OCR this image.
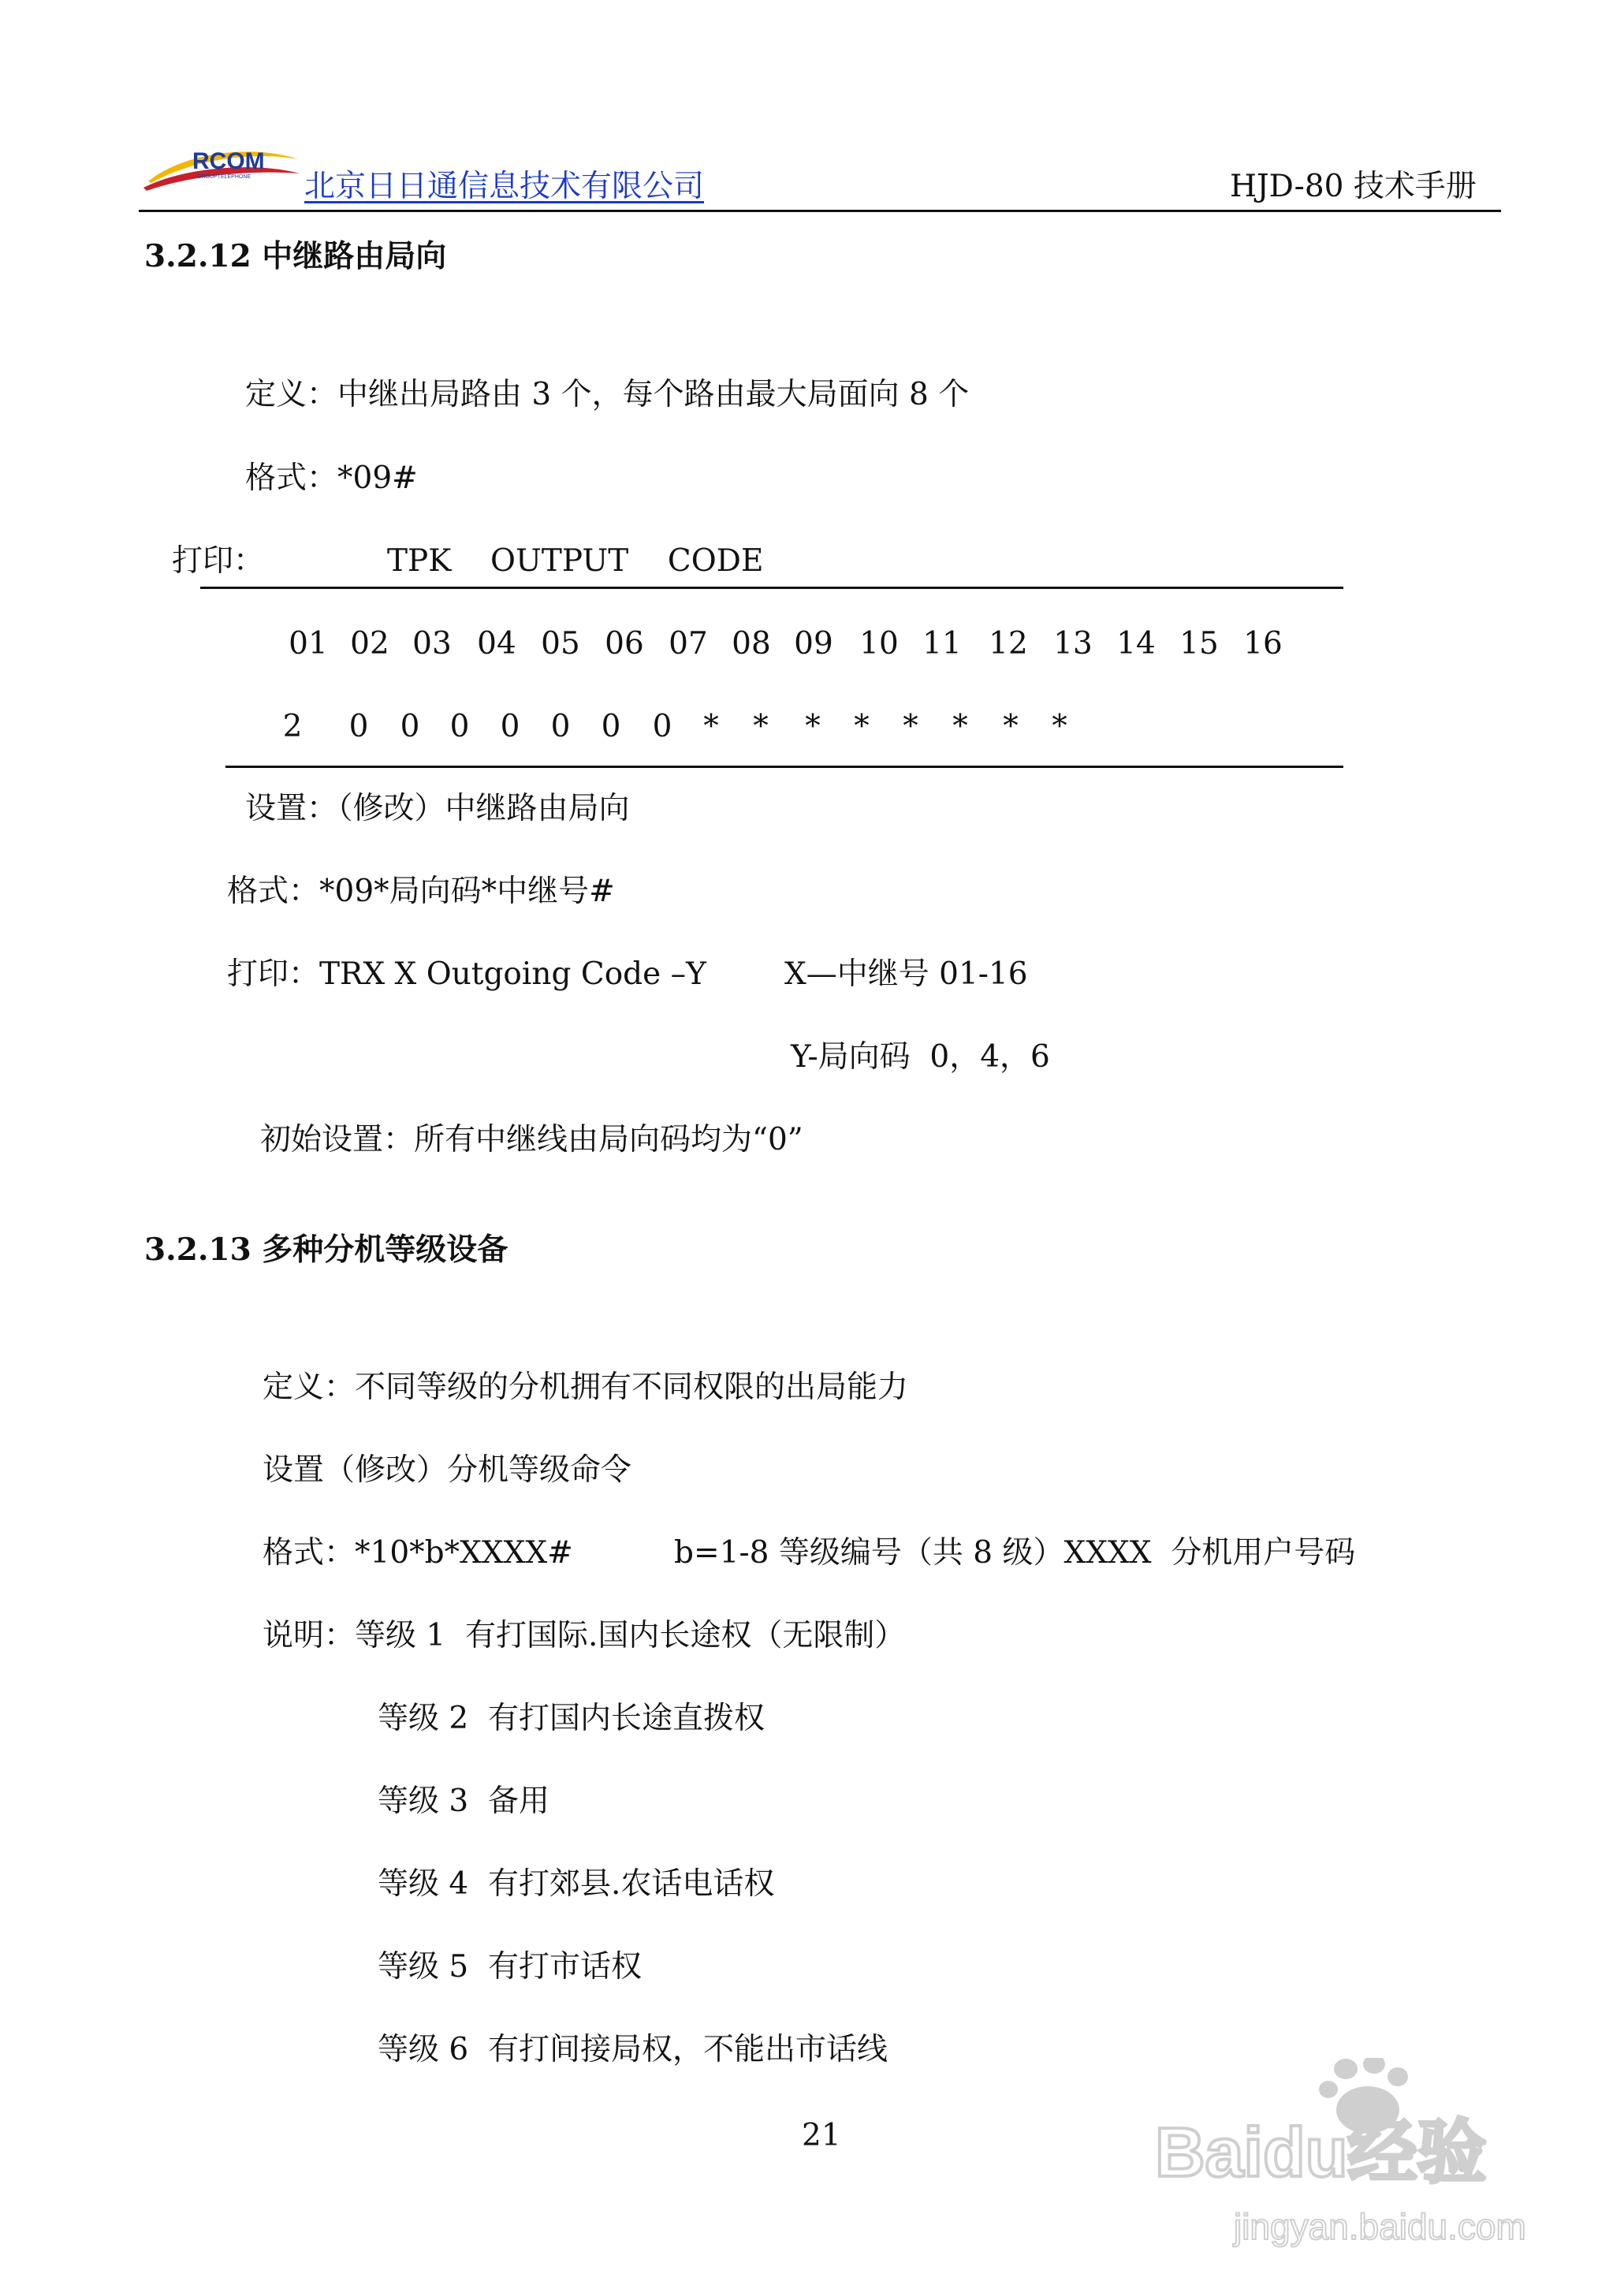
RCOM
GROUPTELEPHONE 北京日日通信息技术有限公司	HJD-80 技术手册
3.2.12 中继路由局向
定义：中继出局路由 3 个，每个路由最大局面向 8 个
格式：*09#
打印：	TPK    OUTPUT    CODE
01 02 03 04 05 06 07 08 09 10 11 12 13 14 15 16
2	0	0 0	0	0	0	0	*	*	*	*	*	*	*	*
设置：（修改）中继路由局向
格式：*09*局向码*中继号#
打印：TRX X Outgoing Code –Y	X—中继号 01-16
Y-局向码  0，4，6
初始设置：所有中继线由局向码均为“0”
3.2.13 多种分机等级设备
定义：不同等级的分机拥有不同权限的出局能力
设置（修改）分机等级命令
格式：*10*b*XXXX#	b=1-8 等级编号（共 8 级）XXXX  分机用户号码
说明：等级 1  有打国际.国内长途权（无限制）
等级 2  有打国内长途直拨权
等级 3  备用
等级 4  有打郊县.农话电话权
等级 5  有打市话权
等级 6  有打间接局权，不能出市话线
21	Baidu经验
jingyan.baidu.com
